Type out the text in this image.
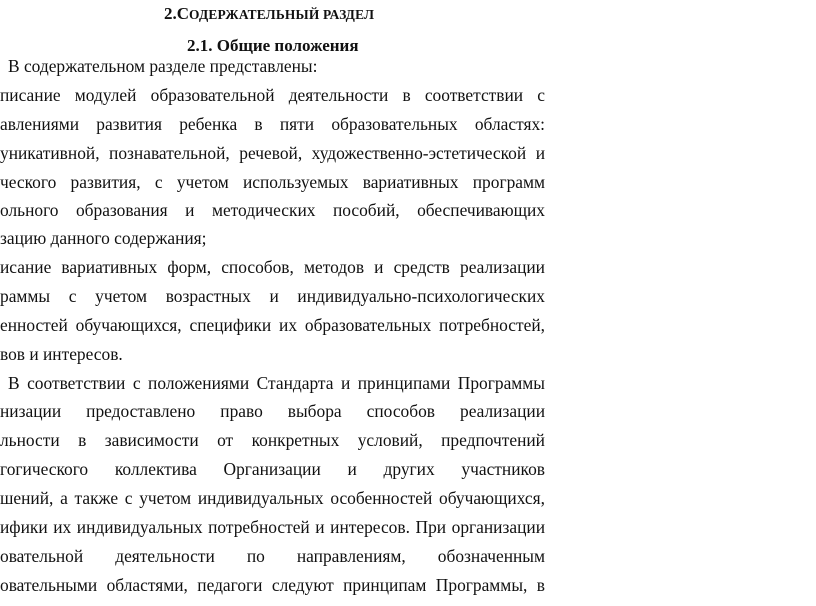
2.СОДЕРЖАТЕЛЬНЫЙ РАЗДЕЛ
2.1. Общие положения
В содержательном разделе представлены:
писание модулей образовательной деятельности в соответствии с
авлениями развития ребенка в пяти образовательных областях:
уникативной, познавательной, речевой, художественно-эстетической и
ческого развития, с учетом используемых вариативных программ
ольного образования и методических пособий, обеспечивающих
зацию данного содержания;
исание вариативных форм, способов, методов и средств реализации
раммы с учетом возрастных и индивидуально-психологических
енностей обучающихся, специфики их образовательных потребностей,
вов и интересов.
В соответствии с положениями Стандарта и принципами Программы
низации предоставлено право выбора способов реализации
льности в зависимости от конкретных условий, предпочтений
гогического коллектива Организации и других участников
шений, а также с учетом индивидуальных особенностей обучающихся,
ифики их индивидуальных потребностей и интересов. При организации
овательной деятельности по направлениям, обозначенным
овательными областями, педагоги следуют принципам Программы, в
